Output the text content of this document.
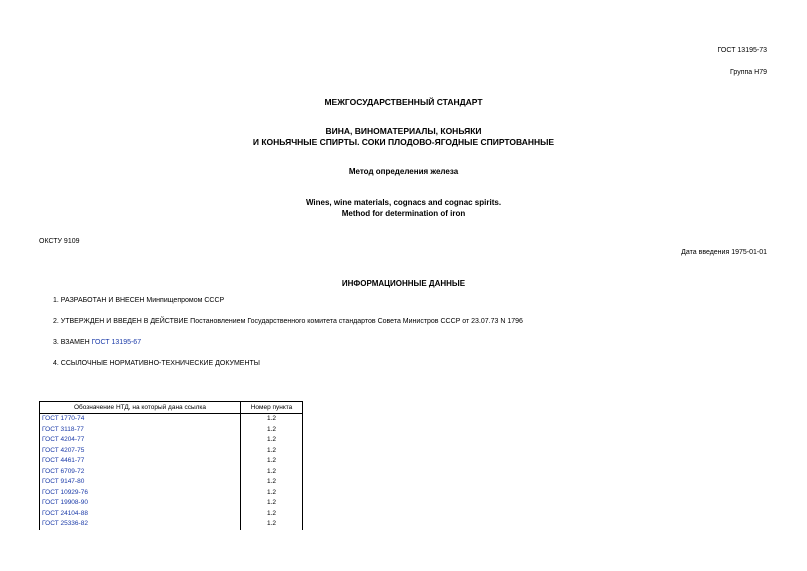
ГОСТ 13195-73
Группа Н79
МЕЖГОСУДАРСТВЕННЫЙ СТАНДАРТ
ВИНА, ВИНОМАТЕРИАЛЫ, КОНЬЯКИ
И КОНЬЯЧНЫЕ СПИРТЫ. СОКИ ПЛОДОВО-ЯГОДНЫЕ СПИРТОВАННЫЕ
Метод определения железа
Wines, wine materials, cognacs and cognac spirits.
Method for determination of iron
ОКСТУ 9109
Дата введения 1975-01-01
ИНФОРМАЦИОННЫЕ ДАННЫЕ
1. РАЗРАБОТАН И ВНЕСЕН Минпищепромом СССР
2. УТВЕРЖДЕН И ВВЕДЕН В ДЕЙСТВИЕ Постановлением Государственного комитета стандартов Совета Министров СССР от 23.07.73 N 1796
3. ВЗАМЕН ГОСТ 13195-67
4. ССЫЛОЧНЫЕ НОРМАТИВНО-ТЕХНИЧЕСКИЕ ДОКУМЕНТЫ
Обозначение НТД, на который дана ссылка	Номер пункта
ГОСТ 1770-74	1.2
ГОСТ 3118-77	1.2
ГОСТ 4204-77	1.2
ГОСТ 4207-75	1.2
ГОСТ 4461-77	1.2
ГОСТ 6709-72	1.2
ГОСТ 9147-80	1.2
ГОСТ 10929-76	1.2
ГОСТ 19908-90	1.2
ГОСТ 24104-88	1.2
ГОСТ 25336-82	1.2
